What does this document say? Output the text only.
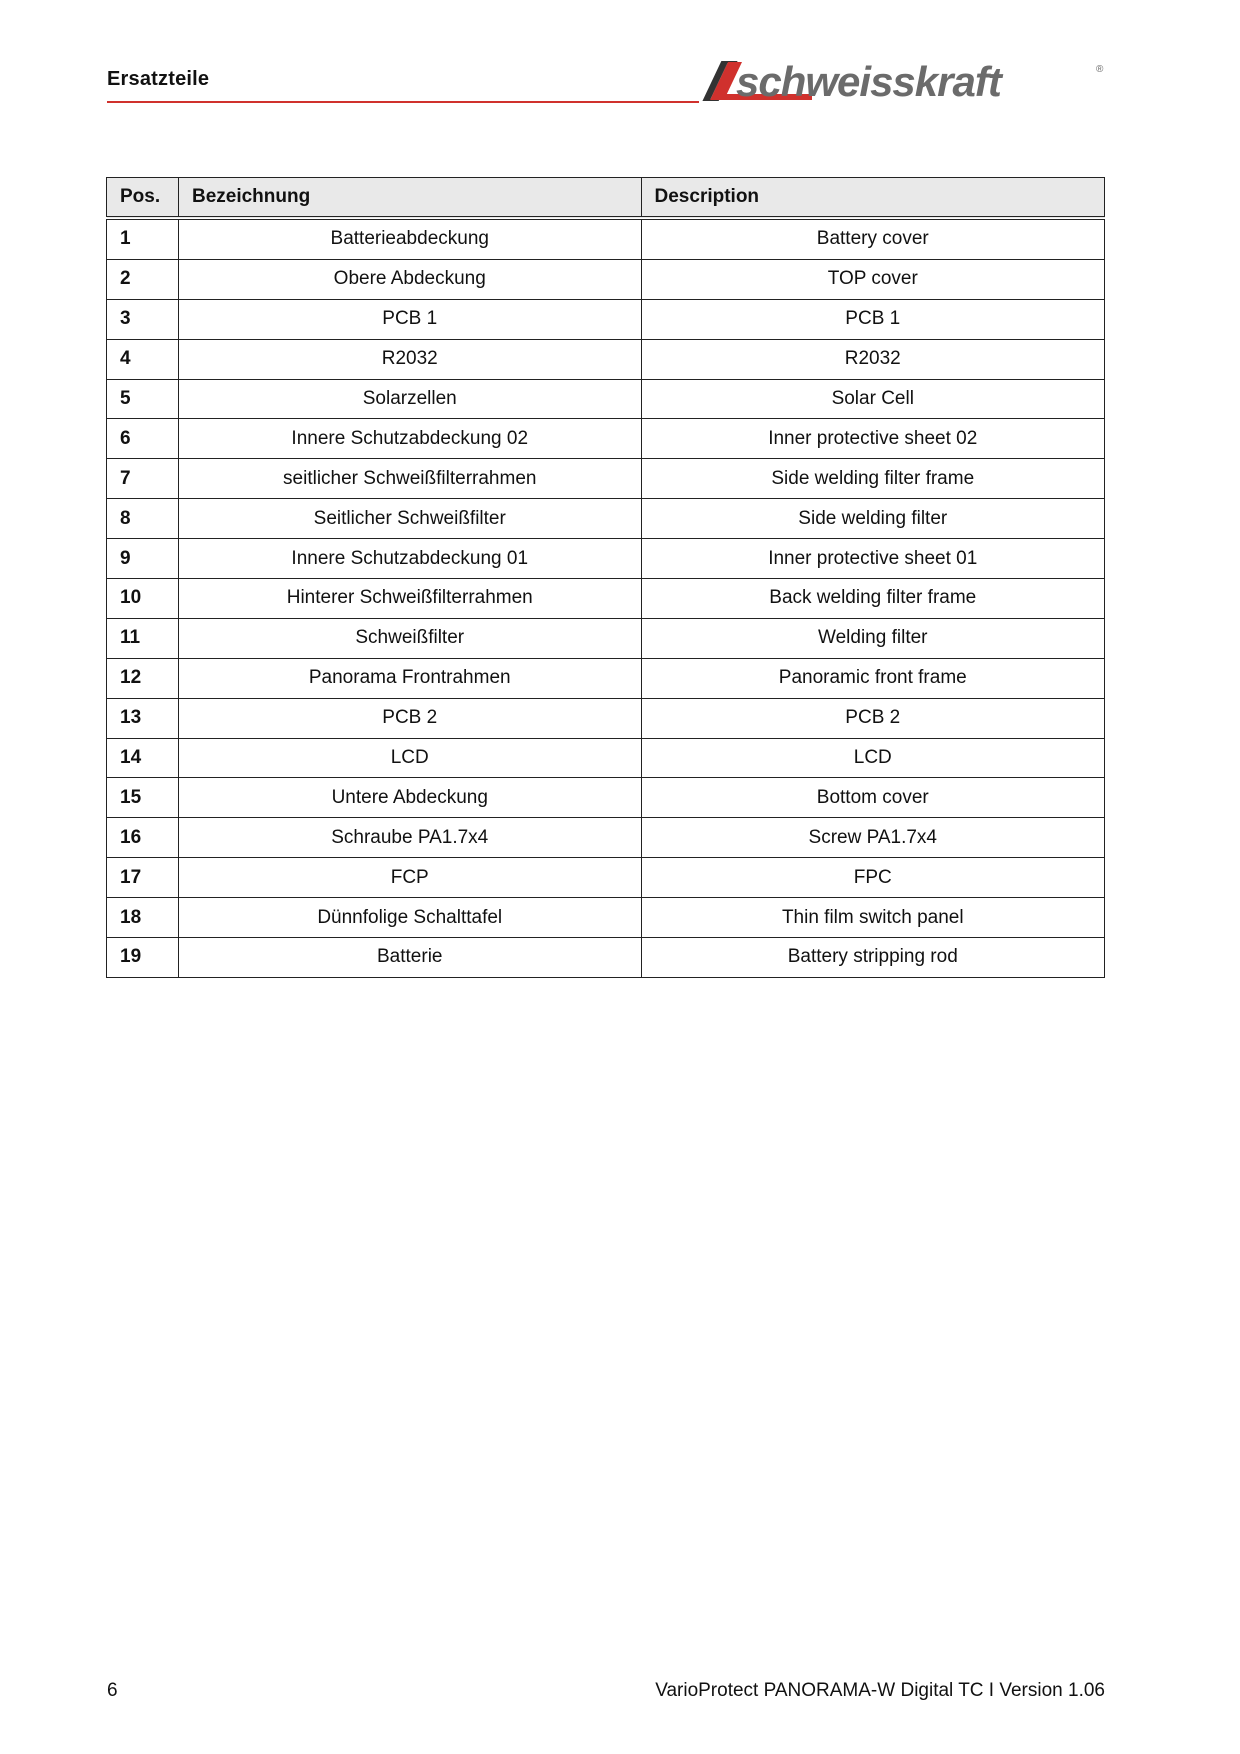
Ersatzteile	schweisskraft	®
Pos.	Bezeichnung	Description
1	Batterieabdeckung	Battery cover
2	Obere Abdeckung	TOP cover
3	PCB 1	PCB 1
4	R2032	R2032
5	Solarzellen	Solar Cell
6	Innere Schutzabdeckung 02	Inner protective sheet 02
7	seitlicher Schweißfilterrahmen	Side welding filter frame
8	Seitlicher Schweißfilter	Side welding filter
9	Innere Schutzabdeckung 01	Inner protective sheet 01
10	Hinterer Schweißfilterrahmen	Back welding filter frame
11	Schweißfilter	Welding filter
12	Panorama Frontrahmen	Panoramic front frame
13	PCB 2	PCB 2
14	LCD	LCD
15	Untere Abdeckung	Bottom cover
16	Schraube PA1.7x4	Screw PA1.7x4
17	FCP	FPC
18	Dünnfolige Schalttafel	Thin film switch panel
19	Batterie	Battery stripping rod
6	VarioProtect PANORAMA-W Digital TC I Version 1.06
